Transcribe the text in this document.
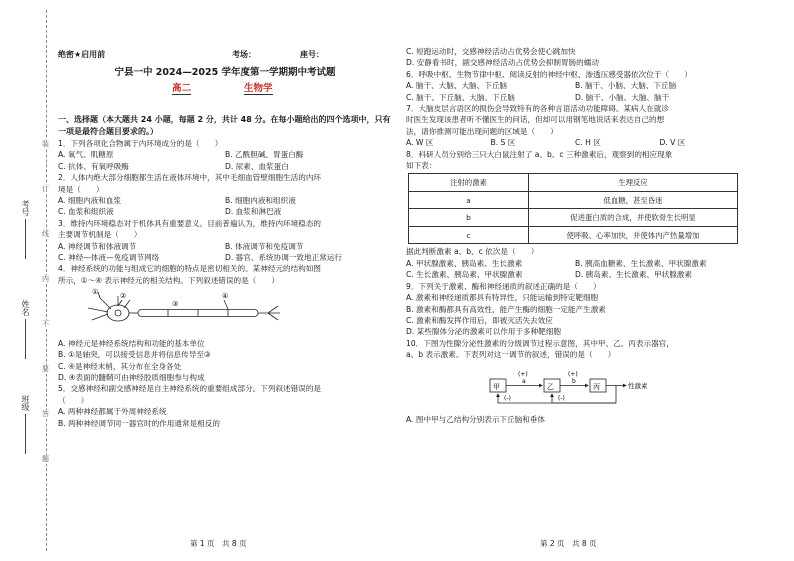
考号
姓名
班级
装
订
线
内
不
要
答
题
绝密★启用前	考场：	座号：
宁县一中 2024—2025 学年度第一学期期中考试题
高二	生物学
一、选择题（本大题共 24 小题，每题 2 分，共计 48 分。在每小题给出的四个选项中，只有一项是最符合题目要求的。）
1．下列各项化合物属于内环境成分的是（　　）
A. 氧气、肌糖原	B. 乙酰胆碱、胃蛋白酶
C. 抗体、有氧呼吸酶	D. 尿素、血浆蛋白
2．人体内绝大部分细胞都生活在液体环境中，其中毛细血管壁细胞生活的内环
境是（　　）
A. 细胞内液和血浆	B. 细胞内液和组织液
C. 血浆和组织液	D. 血浆和淋巴液
3．维持内环境稳态对于机体具有重要意义。目前普遍认为，维持内环境稳态的
主要调节机制是（　　）
A. 神经调节和体液调节	B. 体液调节和免疫调节
C. 神经—体液—免疫调节网络	D. 器官、系统协调一致地正常运行
4．神经系统的功能与组成它的细胞的特点是密切相关的。某神经元的结构如图
所示，①～④ 表示神经元的相关结构。下列叙述错误的是（　　）
①	②
③
④
A. 神经元是神经系统结构和功能的基本单位
B. ①是轴突，可以接受信息并将信息传导至③
C. ④是神经末梢，其分布在全身各处
D. ④表面的髓鞘可由神经胶质细胞参与构成
5．交感神经和副交感神经是自主神经系统的重要组成部分。下列叙述错误的是
（　　）
A. 两种神经都属于外周神经系统
B. 两种神经调节同一器官时的作用通常是相反的
C. 短跑运动时，交感神经活动占优势会使心跳加快
D. 安静看书时，副交感神经活动占优势会抑制胃肠的蠕动
6．呼吸中枢、生物节律中枢、阅读反射的神经中枢、渗透压感受器依次位于（　　）
A. 脑干、大脑、大脑、下丘脑	B. 脑干、小脑、大脑、下丘脑
C. 脑干、下丘脑、大脑、下丘脑	D. 脑干、小脑、大脑、脑干
7．大脑皮层言语区的损伤会导致特有的各种言语活动功能障碍。某病人在就诊
时医生发现该患者听不懂医生的问话，但却可以用钢笔地说话来表达自己的想
法，请你推测可能出现问题的区域是（　　）
A. W 区	B. S 区	C. H 区	D. V 区
8．科研人员分别给三只大白鼠注射了 a、b、c 三种激素后，观察到的相应现象
如下表：
注射的激素	生理反应
a	低血糖，甚至昏迷
b	促进蛋白质的合成，并使软骨生长明显
c	使呼吸、心率加快，并使体内产热量增加
据此判断激素 a、b、c 依次是（　　）
A. 甲状腺激素、胰岛素、生长激素	B. 胰高血糖素、生长激素、甲状腺激素
C. 生长激素、胰岛素、甲状腺激素	D. 胰岛素、生长激素、甲状腺激素
9．下列关于激素、酶和神经递质的叙述正确的是（　　）
A. 激素和神经递质都具有特异性，只能运输到特定靶细胞
B. 激素和酶都具有高效性，能产生酶的细胞一定能产生激素
C. 激素和酶发挥作用后，即被灭活失去效应
D. 某些腺体分泌的激素可以作用于多种靶细胞
10．下图为性腺分泌性激素的分级调节过程示意图，其中甲、乙、丙表示器官，
a、b 表示激素。下表列对这一调节的叙述，错误的是（　　）
甲	乙	丙
(+)
a
(+)
b
性激素
(-)	(-)
A. 图中甲与乙结构分别表示下丘脑和垂体
第 1 页　共 8 页	第 2 页　共 8 页
